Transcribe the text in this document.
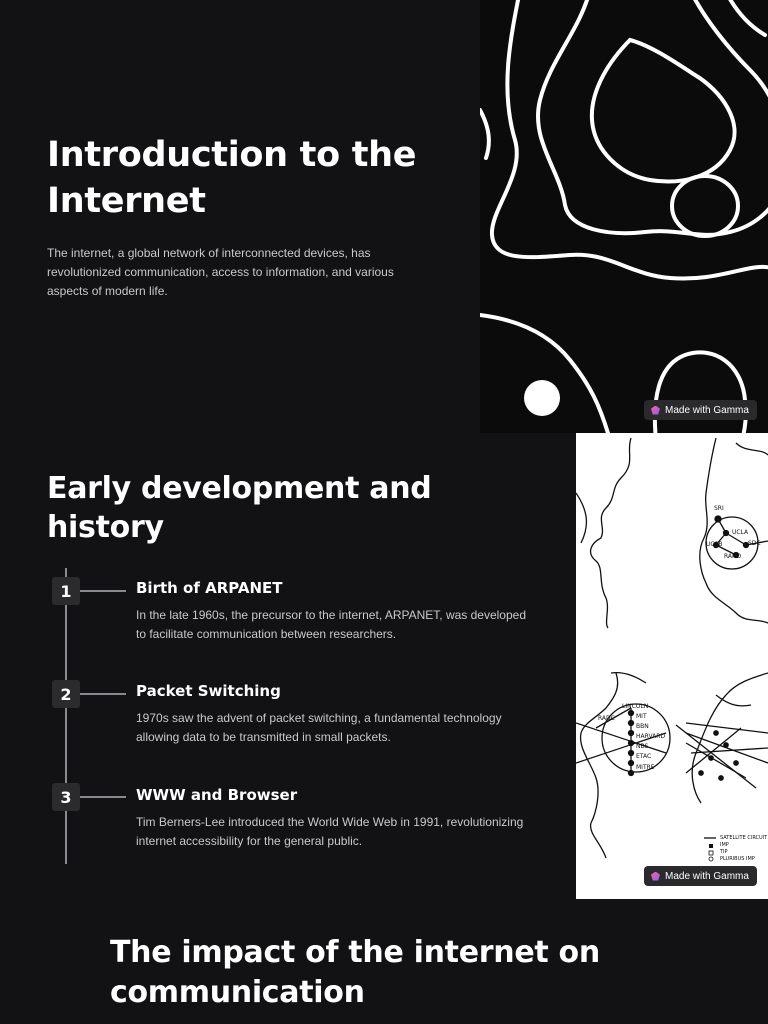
Introduction to the Internet

The internet, a global network of interconnected devices, has revolutionized communication, access to information, and various aspects of modern life.

Made with Gamma
Early development and history
1	Birth of ARPANET
In the late 1960s, the precursor to the internet, ARPANET, was developed to facilitate communication between researchers.
2	Packet Switching
1970s saw the advent of packet switching, a fundamental technology allowing data to be transmitted in small packets.
3	WWW and Browser
Tim Berners-Lee introduced the World Wide Web in 1991, revolutionizing internet accessibility for the general public.
SRI
UCLA
UCSB	SDC
RAND
LINCOLN
MIT
BBN
HARVARD
NBS
ETAC
MITRE
RADC
SATELLITE CIRCUIT
IMP
TIP
PLURIBUS IMP
Made with Gamma
The impact of the internet on communication
